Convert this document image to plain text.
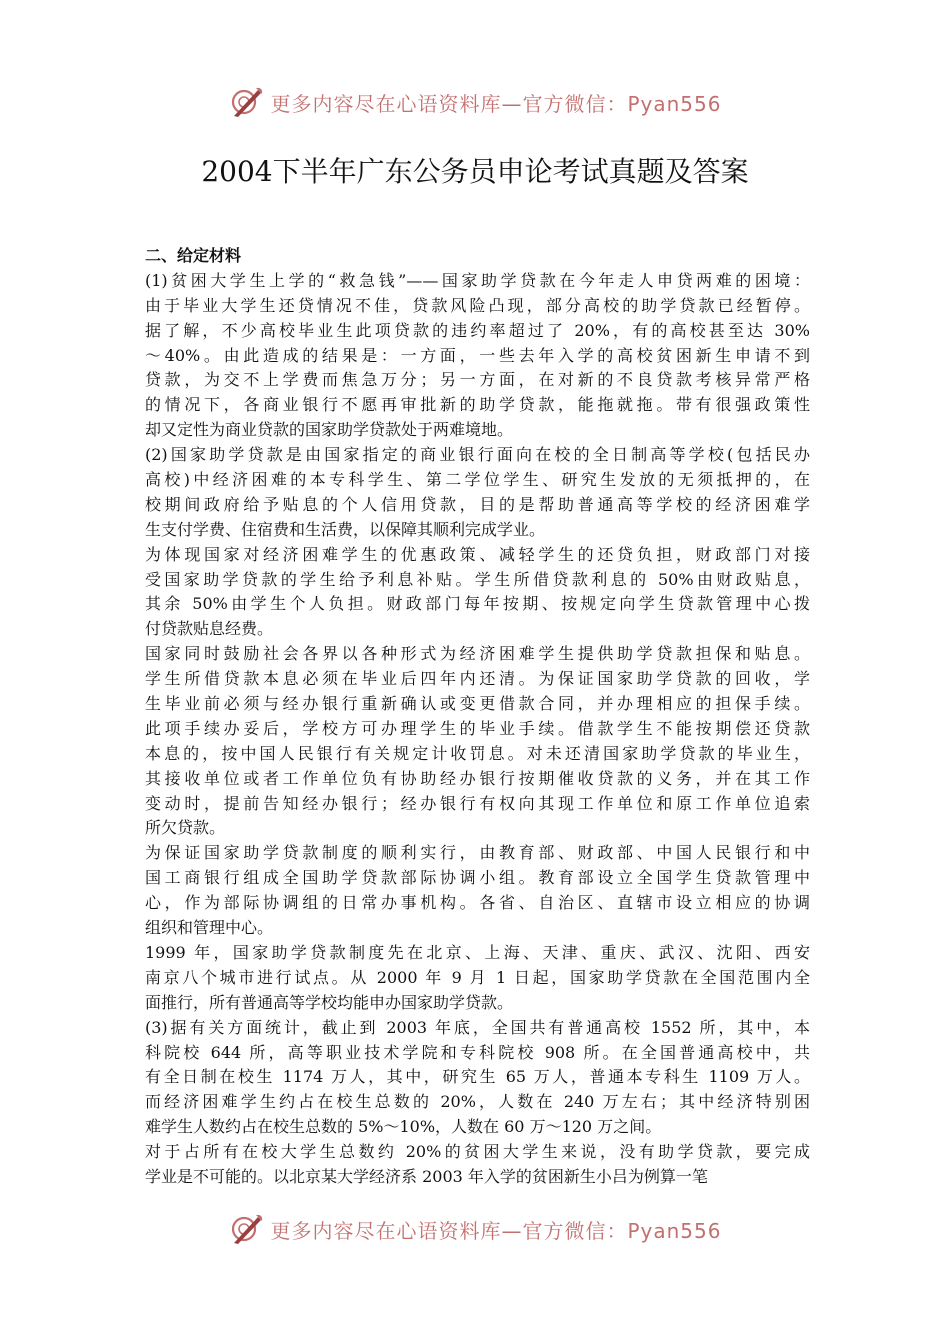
更多内容尽在心语资料库—官方微信：Pyan556
2004下半年广东公务员申论考试真题及答案
二、给定材料
(1)贫困大学生上学的“救急钱”——国家助学贷款在今年走人申贷两难的困境：
由于毕业大学生还贷情况不佳，贷款风险凸现，部分高校的助学贷款已经暂停。
据了解，不少高校毕业生此项贷款的违约率超过了 20%，有的高校甚至达 30%
～40%。由此造成的结果是：一方面，一些去年入学的高校贫困新生申请不到
贷款，为交不上学费而焦急万分；另一方面，在对新的不良贷款考核异常严格
的情况下，各商业银行不愿再审批新的助学贷款，能拖就拖。带有很强政策性
却又定性为商业贷款的国家助学贷款处于两难境地。
(2)国家助学贷款是由国家指定的商业银行面向在校的全日制高等学校(包括民办
高校)中经济困难的本专科学生、第二学位学生、研究生发放的无须抵押的，在
校期间政府给予贴息的个人信用贷款，目的是帮助普通高等学校的经济困难学
生支付学费、住宿费和生活费，以保障其顺利完成学业。
为体现国家对经济困难学生的优惠政策、减轻学生的还贷负担，财政部门对接
受国家助学贷款的学生给予利息补贴。学生所借贷款利息的 50%由财政贴息，
其余 50%由学生个人负担。财政部门每年按期、按规定向学生贷款管理中心拨
付贷款贴息经费。
国家同时鼓励社会各界以各种形式为经济困难学生提供助学贷款担保和贴息。
学生所借贷款本息必须在毕业后四年内还清。为保证国家助学贷款的回收，学
生毕业前必须与经办银行重新确认或变更借款合同，并办理相应的担保手续。
此项手续办妥后，学校方可办理学生的毕业手续。借款学生不能按期偿还贷款
本息的，按中国人民银行有关规定计收罚息。对未还清国家助学贷款的毕业生，
其接收单位或者工作单位负有协助经办银行按期催收贷款的义务，并在其工作
变动时，提前告知经办银行；经办银行有权向其现工作单位和原工作单位追索
所欠贷款。
为保证国家助学贷款制度的顺利实行，由教育部、财政部、中国人民银行和中
国工商银行组成全国助学贷款部际协调小组。教育部设立全国学生贷款管理中
心，作为部际协调组的日常办事机构。各省、自治区、直辖市设立相应的协调
组织和管理中心。
1999 年，国家助学贷款制度先在北京、上海、天津、重庆、武汉、沈阳、西安
南京八个城市进行试点。从 2000 年 9 月 1 日起，国家助学贷款在全国范围内全
面推行，所有普通高等学校均能申办国家助学贷款。
(3)据有关方面统计，截止到 2003 年底，全国共有普通高校 1552 所，其中，本
科院校 644 所，高等职业技术学院和专科院校 908 所。在全国普通高校中，共
有全日制在校生 1174 万人，其中，研究生 65 万人，普通本专科生 1109 万人。
而经济困难学生约占在校生总数的 20%，人数在 240 万左右；其中经济特别困
难学生人数约占在校生总数的 5%～10%，人数在 60 万～120 万之间。
对于占所有在校大学生总数约 20%的贫困大学生来说，没有助学贷款，要完成
学业是不可能的。以北京某大学经济系 2003 年入学的贫困新生小吕为例算一笔
更多内容尽在心语资料库—官方微信：Pyan556
